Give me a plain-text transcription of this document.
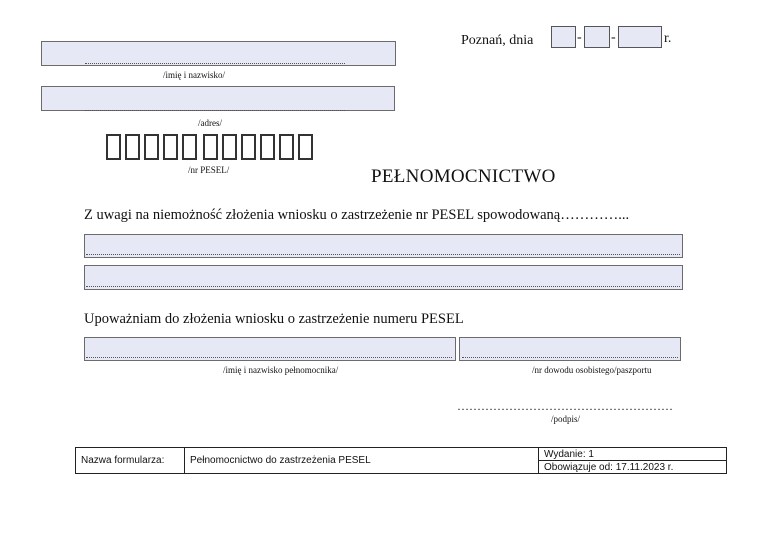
Poznań, dnia	- -	r.
/imię i nazwisko/
/adres/
/nr PESEL/	PEŁNOMOCNICTWO
Z uwagi na niemożność złożenia wniosku o zastrzeżenie nr PESEL spowodowaną…………...
Upoważniam do złożenia wniosku o zastrzeżenie numeru PESEL
/imię i nazwisko pełnomocnika/	/nr dowodu osobistego/paszportu
………………………………………………
/podpis/
Nazwa formularza:	Pełnomocnictwo do zastrzeżenia PESEL	Wydanie: 1
Obowiązuje od: 17.11.2023 r.
